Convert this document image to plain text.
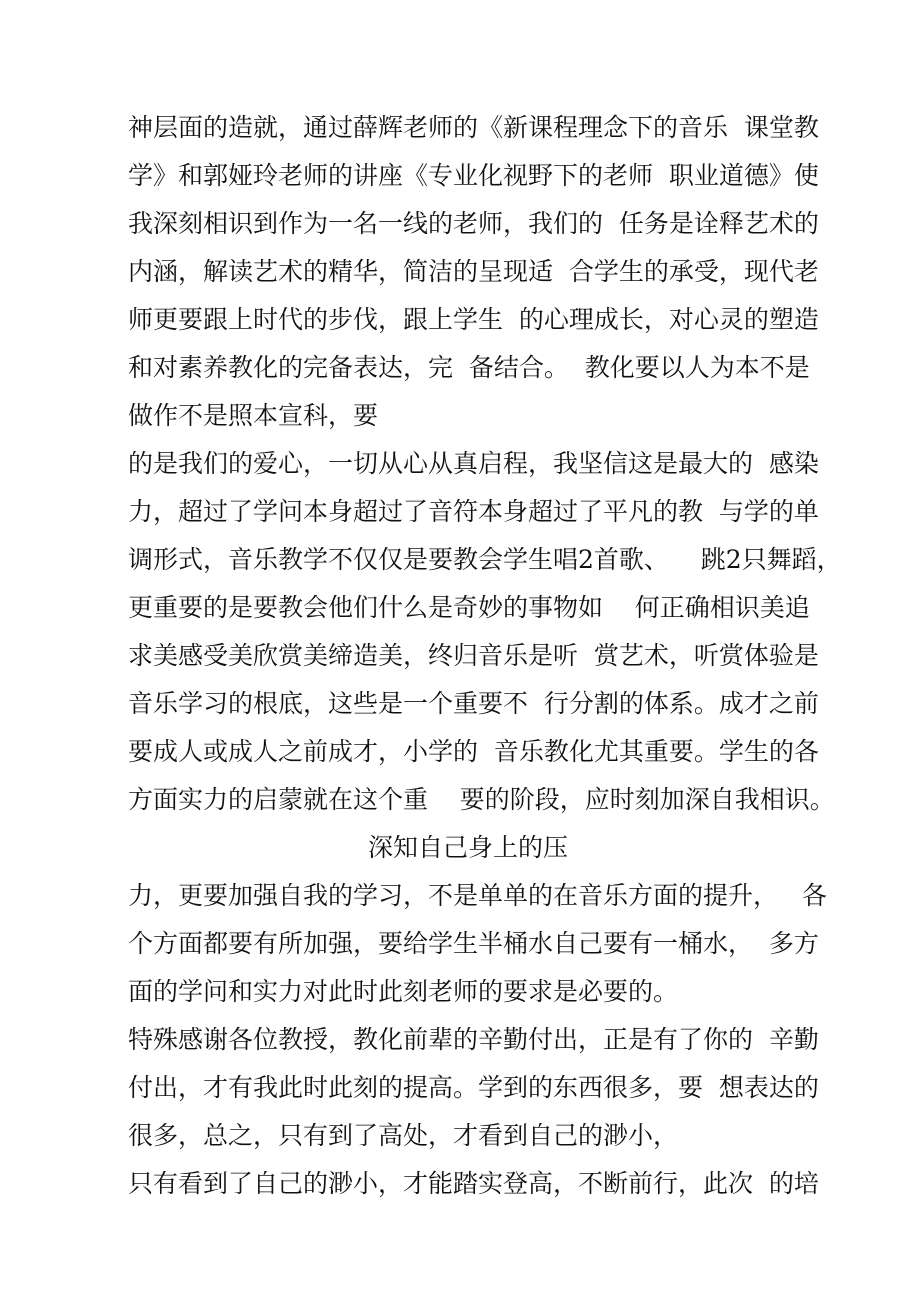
神层面的造就，通过薛辉老师的《新课程理念下的音乐  课堂教
学》和郭娅玲老师的讲座《专业化视野下的老师  职业道德》使
我深刻相识到作为一名一线的老师，我们的  任务是诠释艺术的
内涵，解读艺术的精华，简洁的呈现适  合学生的承受，现代老
师更要跟上时代的步伐，跟上学生  的心理成长，对心灵的塑造
和对素养教化的完备表达，完  备结合。  教化要以人为本不是
做作不是照本宣科，要
的是我们的爱心，一切从心从真启程，我坚信这是最大的  感染
力，超过了学问本身超过了音符本身超过了平凡的教  与学的单
调形式，音乐教学不仅仅是要教会学生唱2首歌、    跳2只舞蹈，
更重要的是要教会他们什么是奇妙的事物如    何正确相识美追
求美感受美欣赏美缔造美，终归音乐是听  赏艺术，听赏体验是
音乐学习的根底，这些是一个重要不  行分割的体系。成才之前
要成人或成人之前成才，小学的  音乐教化尤其重要。学生的各
方面实力的启蒙就在这个重    要的阶段，应时刻加深自我相识。
深知自己身上的压
力，更要加强自我的学习，不是单单的在音乐方面的提升，   各
个方面都要有所加强，要给学生半桶水自己要有一桶水，  多方
面的学问和实力对此时此刻老师的要求是必要的。
特殊感谢各位教授，教化前辈的辛勤付出，正是有了你的  辛勤
付出，才有我此时此刻的提高。学到的东西很多，要  想表达的
很多，总之，只有到了高处，才看到自己的渺小，
只有看到了自己的渺小，才能踏实登高，不断前行，此次  的培
